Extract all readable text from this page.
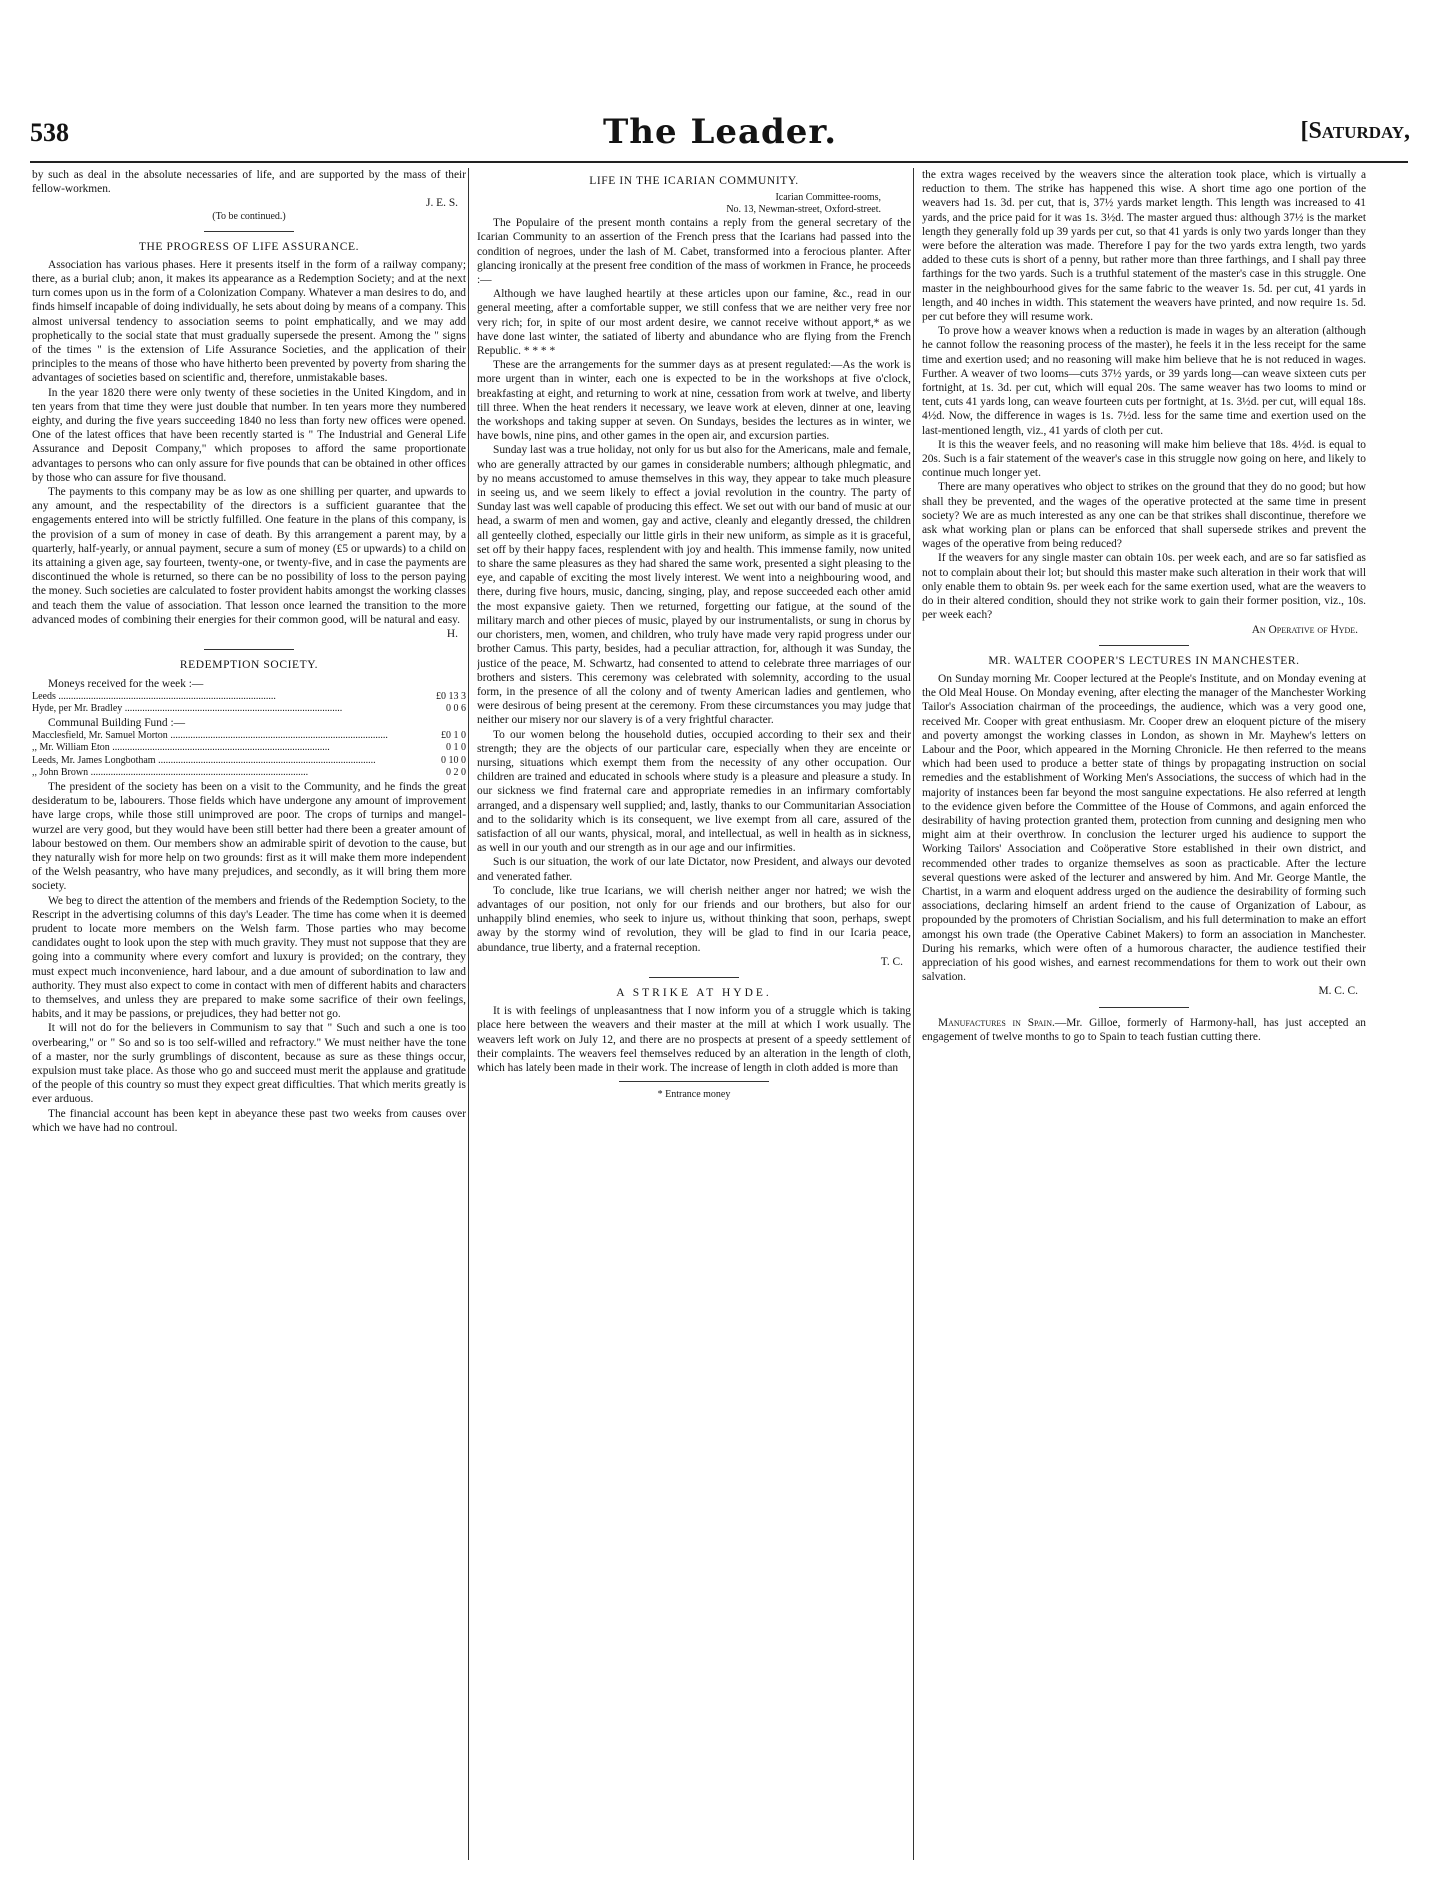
538	The Leader.	[Saturday,

by such as deal in the absolute necessaries of life, and are supported by the mass of their fellow-workmen.

J. E. S.
(To be continued.)
THE PROGRESS OF LIFE ASSURANCE.

Association has various phases. Here it presents itself in the form of a railway company; there, as a burial club; anon, it makes its appearance as a Redemption Society; and at the next turn comes upon us in the form of a Colonization Company. Whatever a man desires to do, and finds himself incapable of doing individually, he sets about doing by means of a company. This almost universal tendency to association seems to point emphatically, and we may add prophetically to the social state that must gradually supersede the present. Among the " signs of the times " is the extension of Life Assurance Societies, and the application of their principles to the means of those who have hitherto been prevented by poverty from sharing the advantages of societies based on scientific and, therefore, unmistakable bases.

In the year 1820 there were only twenty of these societies in the United Kingdom, and in ten years from that time they were just double that number. In ten years more they numbered eighty, and during the five years succeeding 1840 no less than forty new offices were opened. One of the latest offices that have been recently started is " The Industrial and General Life Assurance and Deposit Company," which proposes to afford the same proportionate advantages to persons who can only assure for five pounds that can be obtained in other offices by those who can assure for five thousand.

The payments to this company may be as low as one shilling per quarter, and upwards to any amount, and the respectability of the directors is a sufficient guarantee that the engagements entered into will be strictly fulfilled. One feature in the plans of this company, is the provision of a sum of money in case of death. By this arrangement a parent may, by a quarterly, half-yearly, or annual payment, secure a sum of money (£5 or upwards) to a child on its attaining a given age, say fourteen, twenty-one, or twenty-five, and in case the payments are discontinued the whole is returned, so there can be no possibility of loss to the person paying the money. Such societies are calculated to foster provident habits amongst the working classes and teach them the value of association. That lesson once learned the transition to the more advanced modes of combining their energies for their common good, will be natural and easy.

H.
REDEMPTION SOCIETY.

Moneys received for the week :—

Leeds .....	£0 13 3
Hyde, per Mr. Bradley .....	0 0 6

Communal Building Fund :—

Macclesfield, Mr. Samuel Morton .....	£0 1 0
,, Mr. William Eton .....	0 1 0
Leeds, Mr. James Longbotham .....	0 10 0
,, John Brown .....	0 2 0

The president of the society has been on a visit to the Community, and he finds the great desideratum to be, labourers. Those fields which have undergone any amount of improvement have large crops, while those still unimproved are poor. The crops of turnips and mangel-wurzel are very good, but they would have been still better had there been a greater amount of labour bestowed on them. Our members show an admirable spirit of devotion to the cause, but they naturally wish for more help on two grounds: first as it will make them more independent of the Welsh peasantry, who have many prejudices, and secondly, as it will bring them more society.

We beg to direct the attention of the members and friends of the Redemption Society, to the Rescript in the advertising columns of this day's Leader. The time has come when it is deemed prudent to locate more members on the Welsh farm. Those parties who may become candidates ought to look upon the step with much gravity. They must not suppose that they are going into a community where every comfort and luxury is provided; on the contrary, they must expect much inconvenience, hard labour, and a due amount of subordination to law and authority. They must also expect to come in contact with men of different habits and characters to themselves, and unless they are prepared to make some sacrifice of their own feelings, habits, and it may be passions, or prejudices, they had better not go.

It will not do for the believers in Communism to say that " Such and such a one is too overbearing," or " So and so is too self-willed and refractory." We must neither have the tone of a master, nor the surly grumblings of discontent, because as sure as these things occur, expulsion must take place. As those who go and succeed must merit the applause and gratitude of the people of this country so must they expect great difficulties. That which merits greatly is ever arduous.

The financial account has been kept in abeyance these past two weeks from causes over which we have had no controul.

LIFE IN THE ICARIAN COMMUNITY.
Icarian Committee-rooms,
No. 13, Newman-street, Oxford-street.

The Populaire of the present month contains a reply from the general secretary of the Icarian Community to an assertion of the French press that the Icarians had passed into the condition of negroes, under the lash of M. Cabet, transformed into a ferocious planter. After glancing ironically at the present free condition of the mass of workmen in France, he proceeds :—

Although we have laughed heartily at these articles upon our famine, &c., read in our general meeting, after a comfortable supper, we still confess that we are neither very free nor very rich; for, in spite of our most ardent desire, we cannot receive without apport,* as we have done last winter, the satiated of liberty and abundance who are flying from the French Republic. * * * *

These are the arrangements for the summer days as at present regulated:—As the work is more urgent than in winter, each one is expected to be in the workshops at five o'clock, breakfasting at eight, and returning to work at nine, cessation from work at twelve, and liberty till three. When the heat renders it necessary, we leave work at eleven, dinner at one, leaving the workshops and taking supper at seven. On Sundays, besides the lectures as in winter, we have bowls, nine pins, and other games in the open air, and excursion parties.

Sunday last was a true holiday, not only for us but also for the Americans, male and female, who are generally attracted by our games in considerable numbers; although phlegmatic, and by no means accustomed to amuse themselves in this way, they appear to take much pleasure in seeing us, and we seem likely to effect a jovial revolution in the country. The party of Sunday last was well capable of producing this effect. We set out with our band of music at our head, a swarm of men and women, gay and active, cleanly and elegantly dressed, the children all genteelly clothed, especially our little girls in their new uniform, as simple as it is graceful, set off by their happy faces, resplendent with joy and health. This immense family, now united to share the same pleasures as they had shared the same work, presented a sight pleasing to the eye, and capable of exciting the most lively interest. We went into a neighbouring wood, and there, during five hours, music, dancing, singing, play, and repose succeeded each other amid the most expansive gaiety. Then we returned, forgetting our fatigue, at the sound of the military march and other pieces of music, played by our instrumentalists, or sung in chorus by our choristers, men, women, and children, who truly have made very rapid progress under our brother Camus. This party, besides, had a peculiar attraction, for, although it was Sunday, the justice of the peace, M. Schwartz, had consented to attend to celebrate three marriages of our brothers and sisters. This ceremony was celebrated with solemnity, according to the usual form, in the presence of all the colony and of twenty American ladies and gentlemen, who were desirous of being present at the ceremony. From these circumstances you may judge that neither our misery nor our slavery is of a very frightful character.

To our women belong the household duties, occupied according to their sex and their strength; they are the objects of our particular care, especially when they are enceinte or nursing, situations which exempt them from the necessity of any other occupation. Our children are trained and educated in schools where study is a pleasure and pleasure a study. In our sickness we find fraternal care and appropriate remedies in an infirmary comfortably arranged, and a dispensary well supplied; and, lastly, thanks to our Communitarian Association and to the solidarity which is its consequent, we live exempt from all care, assured of the satisfaction of all our wants, physical, moral, and intellectual, as well in health as in sickness, as well in our youth and our strength as in our age and our infirmities.

Such is our situation, the work of our late Dictator, now President, and always our devoted and venerated father.

To conclude, like true Icarians, we will cherish neither anger nor hatred; we wish the advantages of our position, not only for our friends and our brothers, but also for our unhappily blind enemies, who seek to injure us, without thinking that soon, perhaps, swept away by the stormy wind of revolution, they will be glad to find in our Icaria peace, abundance, true liberty, and a fraternal reception.

T. C.
A STRIKE AT HYDE.

It is with feelings of unpleasantness that I now inform you of a struggle which is taking place here between the weavers and their master at the mill at which I work usually. The weavers left work on July 12, and there are no prospects at present of a speedy settlement of their complaints. The weavers feel themselves reduced by an alteration in the length of cloth, which has lately been made in their work. The increase of length in cloth added is more than

* Entrance money

the extra wages received by the weavers since the alteration took place, which is virtually a reduction to them. The strike has happened this wise. A short time ago one portion of the weavers had 1s. 3d. per cut, that is, 37½ yards market length. This length was increased to 41 yards, and the price paid for it was 1s. 3½d. The master argued thus: although 37½ is the market length they generally fold up 39 yards per cut, so that 41 yards is only two yards longer than they were before the alteration was made. Therefore I pay for the two yards extra length, two yards added to these cuts is short of a penny, but rather more than three farthings, and I shall pay three farthings for the two yards. Such is a truthful statement of the master's case in this struggle. One master in the neighbourhood gives for the same fabric to the weaver 1s. 5d. per cut, 41 yards in length, and 40 inches in width. This statement the weavers have printed, and now require 1s. 5d. per cut before they will resume work.

To prove how a weaver knows when a reduction is made in wages by an alteration (although he cannot follow the reasoning process of the master), he feels it in the less receipt for the same time and exertion used; and no reasoning will make him believe that he is not reduced in wages. Further. A weaver of two looms—cuts 37½ yards, or 39 yards long—can weave sixteen cuts per fortnight, at 1s. 3d. per cut, which will equal 20s. The same weaver has two looms to mind or tent, cuts 41 yards long, can weave fourteen cuts per fortnight, at 1s. 3½d. per cut, will equal 18s. 4½d. Now, the difference in wages is 1s. 7½d. less for the same time and exertion used on the last-mentioned length, viz., 41 yards of cloth per cut.

It is this the weaver feels, and no reasoning will make him believe that 18s. 4½d. is equal to 20s. Such is a fair statement of the weaver's case in this struggle now going on here, and likely to continue much longer yet.

There are many operatives who object to strikes on the ground that they do no good; but how shall they be prevented, and the wages of the operative protected at the same time in present society? We are as much interested as any one can be that strikes shall discontinue, therefore we ask what working plan or plans can be enforced that shall supersede strikes and prevent the wages of the operative from being reduced?

If the weavers for any single master can obtain 10s. per week each, and are so far satisfied as not to complain about their lot; but should this master make such alteration in their work that will only enable them to obtain 9s. per week each for the same exertion used, what are the weavers to do in their altered condition, should they not strike work to gain their former position, viz., 10s. per week each?

An Operative of Hyde.
MR. WALTER COOPER'S LECTURES IN MANCHESTER.

On Sunday morning Mr. Cooper lectured at the People's Institute, and on Monday evening at the Old Meal House. On Monday evening, after electing the manager of the Manchester Working Tailor's Association chairman of the proceedings, the audience, which was a very good one, received Mr. Cooper with great enthusiasm. Mr. Cooper drew an eloquent picture of the misery and poverty amongst the working classes in London, as shown in Mr. Mayhew's letters on Labour and the Poor, which appeared in the Morning Chronicle. He then referred to the means which had been used to produce a better state of things by propagating instruction on social remedies and the establishment of Working Men's Associations, the success of which had in the majority of instances been far beyond the most sanguine expectations. He also referred at length to the evidence given before the Committee of the House of Commons, and again enforced the desirability of having protection granted them, protection from cunning and designing men who might aim at their overthrow. In conclusion the lecturer urged his audience to support the Working Tailors' Association and Coöperative Store established in their own district, and recommended other trades to organize themselves as soon as practicable. After the lecture several questions were asked of the lecturer and answered by him. And Mr. George Mantle, the Chartist, in a warm and eloquent address urged on the audience the desirability of forming such associations, declaring himself an ardent friend to the cause of Organization of Labour, as propounded by the promoters of Christian Socialism, and his full determination to make an effort amongst his own trade (the Operative Cabinet Makers) to form an association in Manchester. During his remarks, which were often of a humorous character, the audience testified their appreciation of his good wishes, and earnest recommendations for them to work out their own salvation.

M. C. C.

Manufactures in Spain.—Mr. Gilloe, formerly of Harmony-hall, has just accepted an engagement of twelve months to go to Spain to teach fustian cutting there.
